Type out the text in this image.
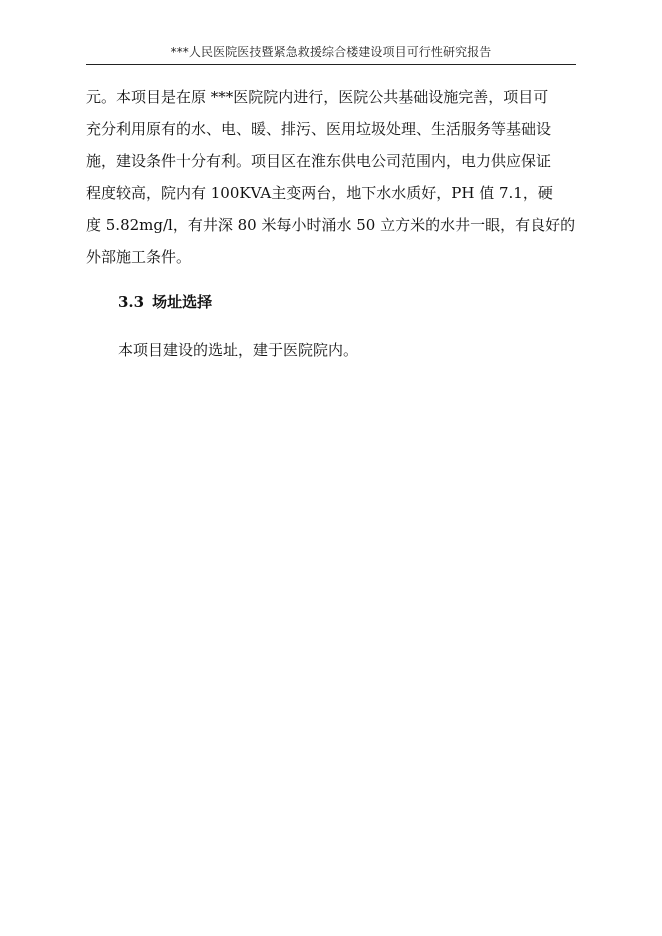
***人民医院医技暨紧急救援综合楼建设项目可行性研究报告
元。本项目是在原 ***医院院内进行，医院公共基础设施完善，项目可
充分利用原有的水、电、暖、排污、医用垃圾处理、生活服务等基础设
施，建设条件十分有利。项目区在淮东供电公司范围内，电力供应保证
程度较高，院内有 100KVA主变两台，地下水水质好，PH 值 7.1，硬
度 5.82mg/l，有井深 80 米每小时涌水 50 立方米的水井一眼，有良好的
外部施工条件。
3.3 场址选择
本项目建设的选址，建于医院院内。
